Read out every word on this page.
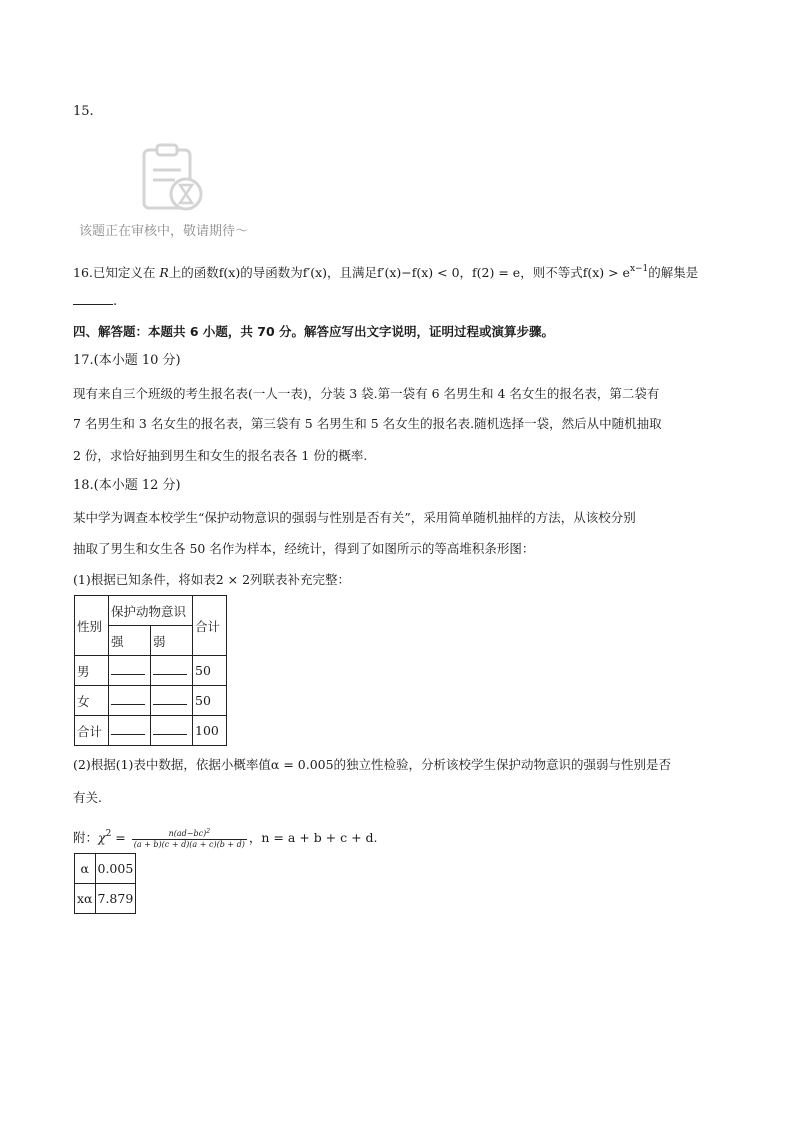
15.
该题正在审核中，敬请期待～
16.已知定义在 R上的函数f(x)的导函数为f′(x)，且满足f′(x)−f(x) < 0，f(2) = e，则不等式$f(x) > e^{x-1}$的解集是
.
四、解答题：本题共 6 小题，共 70 分。解答应写出文字说明，证明过程或演算步骤。
17.(本小题 10 分)
现有来自三个班级的考生报名表(一人一表)，分装 3 袋.第一袋有 6 名男生和 4 名女生的报名表，第二袋有
7 名男生和 3 名女生的报名表，第三袋有 5 名男生和 5 名女生的报名表.随机选择一袋，然后从中随机抽取
2 份，求恰好抽到男生和女生的报名表各 1 份的概率.
18.(本小题 12 分)
某中学为调查本校学生“保护动物意识的强弱与性别是否有关”，采用简单随机抽样的方法，从该校分别
抽取了男生和女生各 50 名作为样本，经统计，得到了如图所示的等高堆积条形图：
(1)根据已知条件，将如表2 × 2列联表补充完整：
性别	保护动物意识		合计
	强	弱	
男			50
女			50
合计			100
(2)根据(1)表中数据，依据小概率值α = 0.005的独立性检验，分析该校学生保护动物意识的强弱与性别是否
有关.
附：$\chi^2 = \frac{n(ad-bc)^2}{(a + b)(c + d)(a + c)(b + d)}$ ，n = a + b + c + d.
α	0.005
xα	7.879
